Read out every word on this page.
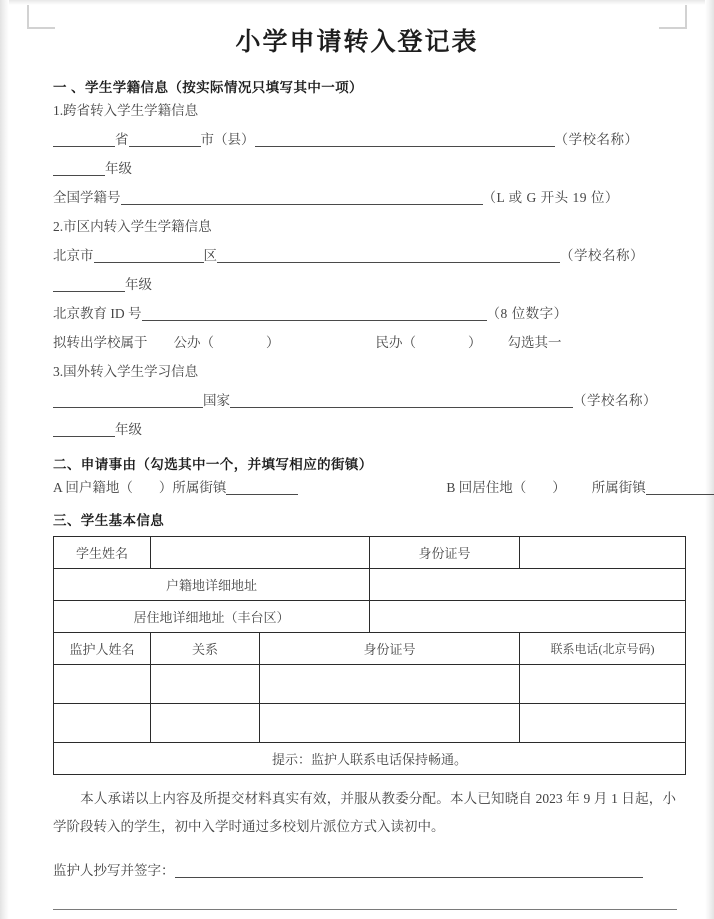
小学申请转入登记表

一 、学生学籍信息（按实际情况只填写其中一项）

1.跨省转入学生学籍信息
省	市（县）	（学校名称）
年级
全国学籍号	（L 或 G 开头 19 位）
2.市区内转入学生学籍信息
北京市	区	（学校名称）
年级
北京教育 ID 号	（8 位数字）
拟转出学校属于 公办（	）	民办（	） 勾选其一
3.国外转入学生学习信息
国家	（学校名称）
年级

二、申请事由（勾选其中一个，并填写相应的街镇）

A 回户籍地（ ）所属街镇	B 回居住地（ ） 所属街镇

三、学生基本信息

学生姓名			身份证号	
户籍地详细地址				
居住地详细地址（丰台区）				
监护人姓名	关系	身份证号		联系电话(北京号码)

提示：监护人联系电话保持畅通。				

本人承诺以上内容及所提交材料真实有效，并服从教委分配。本人已知晓自 2023 年 9 月 1 日起，小学阶段转入的学生，初中入学时通过多校划片派位方式入读初中。

监护人抄写并签字：
